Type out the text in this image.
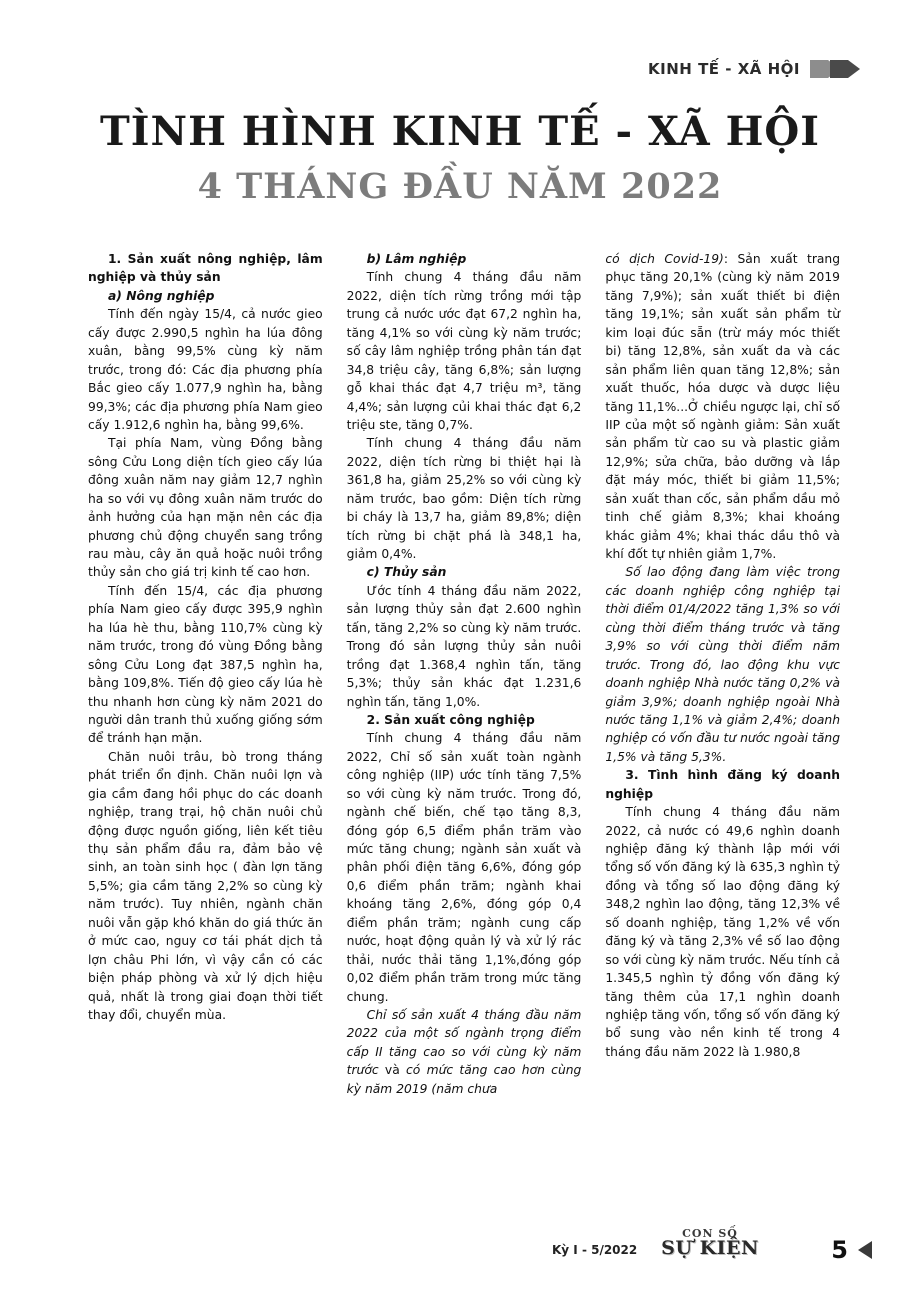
KINH TẾ - XÃ HỘI
TÌNH HÌNH KINH TẾ - XÃ HỘI
4 THÁNG ĐẦU NĂM 2022

1. Sản xuất nông nghiệp, lâm nghiệp và thủy sản

a) Nông nghiệp

Tính đến ngày 15/4, cả nước gieo cấy được 2.990,5 nghìn ha lúa đông xuân, bằng 99,5% cùng kỳ năm trước, trong đó: Các địa phương phía Bắc gieo cấy 1.077,9 nghìn ha, bằng 99,3%; các địa phương phía Nam gieo cấy 1.912,6 nghìn ha, bằng 99,6%.

Tại phía Nam, vùng Đồng bằng sông Cửu Long diện tích gieo cấy lúa đông xuân năm nay giảm 12,7 nghìn ha so với vụ đông xuân năm trước do ảnh hưởng của hạn mặn nên các địa phương chủ động chuyển sang trồng rau màu, cây ăn quả hoặc nuôi trồng thủy sản cho giá trị kinh tế cao hơn.

Tính đến 15/4, các địa phương phía Nam gieo cấy được 395,9 nghìn ha lúa hè thu, bằng 110,7% cùng kỳ năm trước, trong đó vùng Đồng bằng sông Cửu Long đạt 387,5 nghìn ha, bằng 109,8%. Tiến độ gieo cấy lúa hè thu nhanh hơn cùng kỳ năm 2021 do người dân tranh thủ xuống giống sớm để tránh hạn mặn.

Chăn nuôi trâu, bò trong tháng phát triển ổn định. Chăn nuôi lợn và gia cầm đang hồi phục do các doanh nghiệp, trang trại, hộ chăn nuôi chủ động được nguồn giống, liên kết tiêu thụ sản phẩm đầu ra, đảm bảo vệ sinh, an toàn sinh học ( đàn lợn tăng 5,5%; gia cầm tăng 2,2% so cùng kỳ năm trước). Tuy nhiên, ngành chăn nuôi vẫn gặp khó khăn do giá thức ăn ở mức cao, nguy cơ tái phát dịch tả lợn châu Phi lớn, vì vậy cần có các biện pháp phòng và xử lý dịch hiệu quả, nhất là trong giai đoạn thời tiết thay đổi, chuyển mùa.

b) Lâm nghiệp

Tính chung 4 tháng đầu năm 2022, diện tích rừng trồng mới tập trung cả nước ước đạt 67,2 nghìn ha, tăng 4,1% so với cùng kỳ năm trước; số cây lâm nghiệp trồng phân tán đạt 34,8 triệu cây, tăng 6,8%; sản lượng gỗ khai thác đạt 4,7 triệu m³, tăng 4,4%; sản lượng củi khai thác đạt 6,2 triệu ste, tăng 0,7%.

Tính chung 4 tháng đầu năm 2022, diện tích rừng bi thiệt hại là 361,8 ha, giảm 25,2% so với cùng kỳ năm trước, bao gồm: Diện tích rừng bi cháy là 13,7 ha, giảm 89,8%; diện tích rừng bi chặt phá là 348,1 ha, giảm 0,4%.

c) Thủy sản

Ước tính 4 tháng đầu năm 2022, sản lượng thủy sản đạt 2.600 nghìn tấn, tăng 2,2% so cùng kỳ năm trước. Trong đó sản lượng thủy sản nuôi trồng đạt 1.368,4 nghìn tấn, tăng 5,3%; thủy sản khác đạt 1.231,6 nghìn tấn, tăng 1,0%.

2. Sản xuất công nghiệp

Tính chung 4 tháng đầu năm 2022, Chỉ số sản xuất toàn ngành công nghiệp (IIP) ước tính tăng 7,5% so với cùng kỳ năm trước. Trong đó, ngành chế biến, chế tạo tăng 8,3, đóng góp 6,5 điểm phần trăm vào mức tăng chung; ngành sản xuất và phân phối điện tăng 6,6%, đóng góp 0,6 điểm phần trăm; ngành khai khoáng tăng 2,6%, đóng góp 0,4 điểm phần trăm; ngành cung cấp nước, hoạt động quản lý và xử lý rác thải, nước thải tăng 1,1%,đóng góp 0,02 điểm phần trăm trong mức tăng chung.

Chỉ số sản xuất 4 tháng đầu năm 2022 của một số ngành trọng điểm cấp II tăng cao so với cùng kỳ năm trước và có mức tăng cao hơn cùng kỳ năm 2019 (năm chưa

có dịch Covid-19): Sản xuất trang phục tăng 20,1% (cùng kỳ năm 2019 tăng 7,9%); sản xuất thiết bi điện tăng 19,1%; sản xuất sản phẩm từ kim loại đúc sẵn (trừ máy móc thiết bi) tăng 12,8%, sản xuất da và các sản phẩm liên quan tăng 12,8%; sản xuất thuốc, hóa dược và dược liệu tăng 11,1%...Ở chiều ngược lại, chỉ số IIP của một số ngành giảm: Sản xuất sản phẩm từ cao su và plastic giảm 12,9%; sửa chữa, bảo dưỡng và lắp đặt máy móc, thiết bi giảm 11,5%; sản xuất than cốc, sản phẩm dầu mỏ tinh chế giảm 8,3%; khai khoáng khác giảm 4%; khai thác dầu thô và khí đốt tự nhiên giảm 1,7%.

Số lao động đang làm việc trong các doanh nghiệp công nghiệp tại thời điểm 01/4/2022 tăng 1,3% so với cùng thời điểm tháng trước và tăng 3,9% so với cùng thời điểm năm trước. Trong đó, lao động khu vực doanh nghiệp Nhà nước tăng 0,2% và giảm 3,9%; doanh nghiệp ngoài Nhà nước tăng 1,1% và giảm 2,4%; doanh nghiệp có vốn đầu tư nước ngoài tăng 1,5% và tăng 5,3%.

3. Tình hình đăng ký doanh nghiệp

Tính chung 4 tháng đầu năm 2022, cả nước có 49,6 nghìn doanh nghiệp đăng ký thành lập mới với tổng số vốn đăng ký là 635,3 nghìn tỷ đồng và tổng số lao động đăng ký 348,2 nghìn lao động, tăng 12,3% về số doanh nghiệp, tăng 1,2% về vốn đăng ký và tăng 2,3% về số lao động so với cùng kỳ năm trước. Nếu tính cả 1.345,5 nghìn tỷ đồng vốn đăng ký tăng thêm của 17,1 nghìn doanh nghiệp tăng vốn, tổng số vốn đăng ký bổ sung vào nền kinh tế trong 4 tháng đầu năm 2022 là 1.980,8

Kỳ I - 5/2022
CON SỐ
SỰ KIỆN	5
